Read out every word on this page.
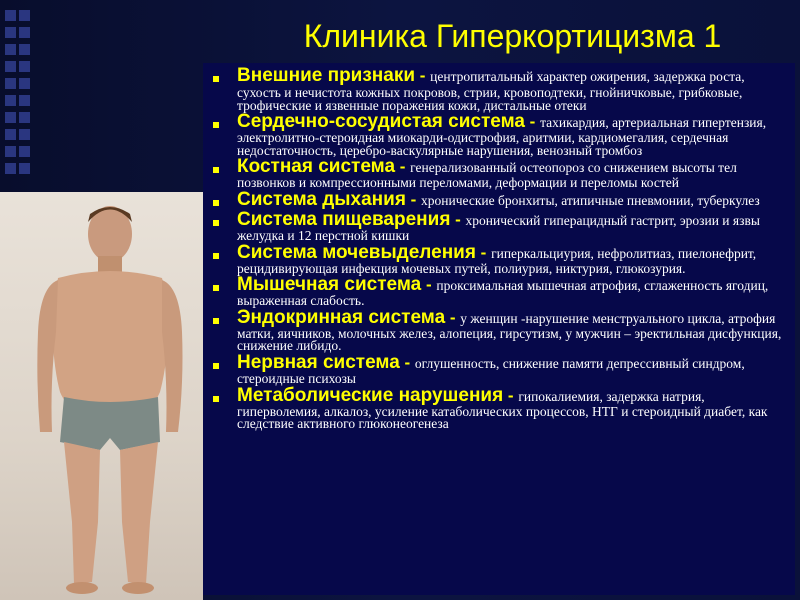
Клиника Гиперкортицизма 1
Внешние признаки - центропитальный характер ожирения, задержка роста, сухость и нечистота кожных покровов, стрии, кровоподтеки, гнойничковые, грибковые, трофические и язвенные поражения кожи, дистальные отеки
Сердечно-сосудистая система - тахикардия, артериальная гипертензия, электролитно-стероидная миокарди-одистрофия, аритмии, кардиомегалия, сердечная недостаточность, церебро-васкулярные нарушения, венозный тромбоз
Костная система - генерализованный остеопороз со снижением высоты тел позвонков и компрессионными переломами, деформации и переломы костей
Система дыхания - хронические бронхиты, атипичные пневмонии, туберкулез
Система пищеварения - хронический гиперацидный гастрит, эрозии и язвы желудка и 12 перстной кишки
Система мочевыделения - гиперкальциурия, нефролитиаз, пиелонефрит, рецидивирующая инфекция мочевых путей, полиурия, никтурия, глюкозурия.
Мышечная система - проксимальная мышечная атрофия, сглаженность ягодиц, выраженная слабость.
Эндокринная система - у женщин -нарушение менструального цикла, атрофия матки, яичников, молочных желез, алопеция, гирсутизм, у мужчин – эректильная дисфункция, снижение либидо.
Нервная система - оглушенность, снижение памяти депрессивный синдром, стероидные психозы
Метаболические нарушения - гипокалиемия, задержка натрия, гиперволемия, алкалоз, усиление катаболических процессов, НТГ и стероидный диабет, как следствие активного глюконеогенеза
